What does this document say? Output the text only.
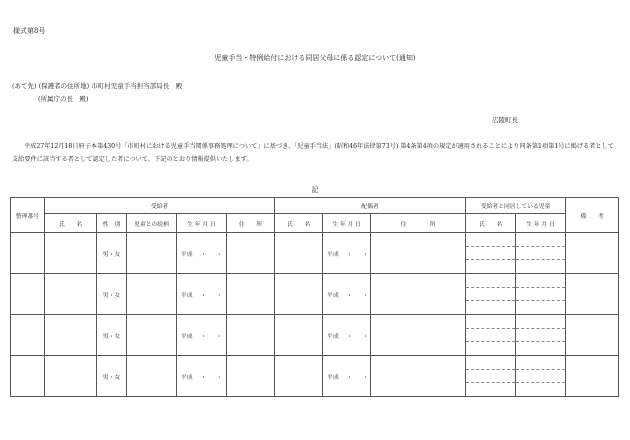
様式第8号
児童手当・特例給付における同居父母に係る認定について(通知)
(あて先) (保護者の住所地) 市町村児童手当担当部局長　殿
(所属庁の長　殿)
広陵町長
平成27年12月18日府子本第430号「市町村における児童手当関係事務処理について」に基づき、「児童手当法」(昭和46年法律第73号) 第4条第4項の規定が適用されることにより同条第1項第1号に掲げる者として支給要件に該当する者として認定した者について、下記のとおり情報提供いたします。
記
整理番号	受給者					配偶者			受給者と同居している児童		備　　考
	氏　　名	性　別	児童との続柄	生 年 月 日	住　　所	氏　　名	生 年 月 日	住　　　　所	氏　　名	生 年 月 日	
		男・女		平成 ・・			平成 ・・		

		男・女		平成 ・・			平成 ・・		

		男・女		平成 ・・			平成 ・・		

		男・女		平成 ・・			平成 ・・		
